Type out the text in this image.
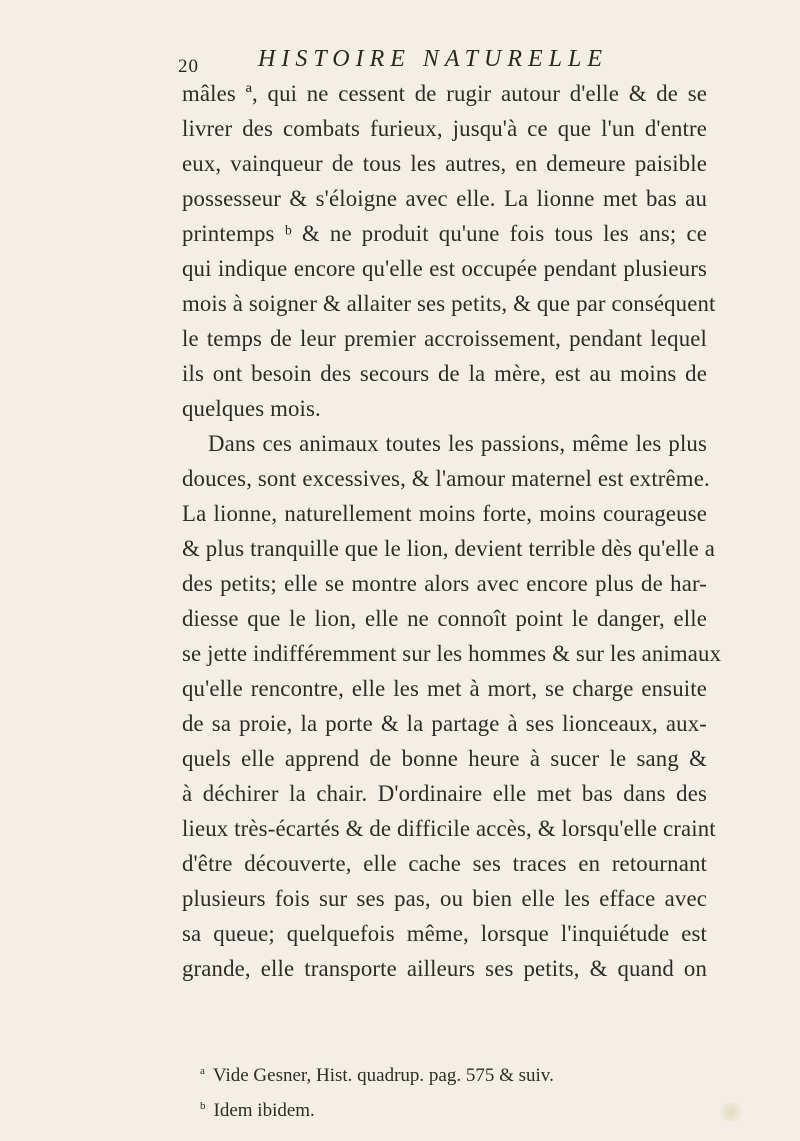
20 HISTOIRE NATURELLE
mâles ª, qui ne cessent de rugir autour d'elle & de se
livrer des combats furieux, jusqu'à ce que l'un d'entre
eux, vainqueur de tous les autres, en demeure paisible
possesseur & s'éloigne avec elle. La lionne met bas au
printemps ᵇ & ne produit qu'une fois tous les ans; ce
qui indique encore qu'elle est occupée pendant plusieurs
mois à soigner & allaiter ses petits, & que par conséquent
le temps de leur premier accroissement, pendant lequel
ils ont besoin des secours de la mère, est au moins de
quelques mois.
Dans ces animaux toutes les passions, même les plus
douces, sont excessives, & l'amour maternel est extrême.
La lionne, naturellement moins forte, moins courageuse
& plus tranquille que le lion, devient terrible dès qu'elle a
des petits; elle se montre alors avec encore plus de har-
diesse que le lion, elle ne connoît point le danger, elle
se jette indifféremment sur les hommes & sur les animaux
qu'elle rencontre, elle les met à mort, se charge ensuite
de sa proie, la porte & la partage à ses lionceaux, aux-
quels elle apprend de bonne heure à sucer le sang &
à déchirer la chair. D'ordinaire elle met bas dans des
lieux très-écartés & de difficile accès, & lorsqu'elle craint
d'être découverte, elle cache ses traces en retournant
plusieurs fois sur ses pas, ou bien elle les efface avec
sa queue; quelquefois même, lorsque l'inquiétude est
grande, elle transporte ailleurs ses petits, & quand on
$^a$ Vide Gesner, Hist. quadrup. pag. 575 & suiv.
$^b$ Idem ibidem.
